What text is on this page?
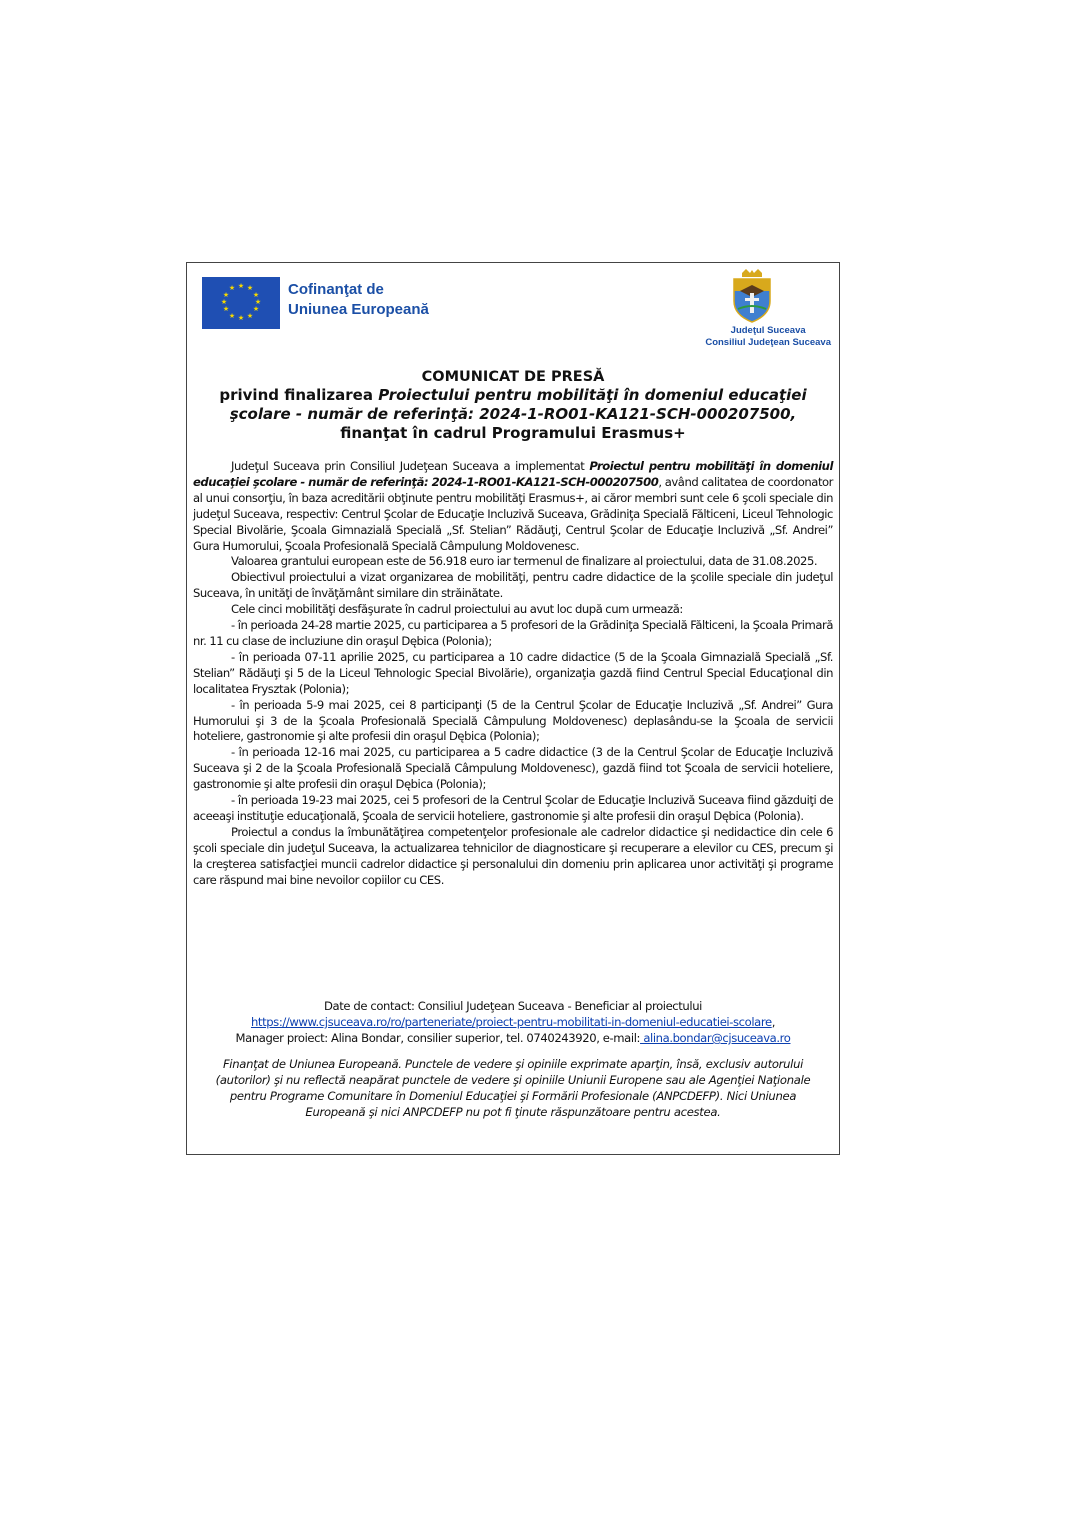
★ ★
★
★
★
★
★
★
★
★
★
★	Cofinanţat de
Uniunea Europeană
Judeţul Suceava
Consiliul Judeţean Suceava
COMUNICAT DE PRESĂ
privind finalizarea Proiectului pentru mobilităţi în domeniul educaţiei
şcolare - număr de referinţă: 2024-1-RO01-KA121-SCH-000207500,
finanţat în cadrul Programului Erasmus+

Judeţul Suceava prin Consiliul Judeţean Suceava a implementat Proiectul pentru mobilităţi în domeniul educaţiei şcolare - număr de referinţă: 2024-1-RO01-KA121-SCH-000207500, având calitatea de coordonator al unui consorţiu, în baza acreditării obţinute pentru mobilităţi Erasmus+, ai căror membri sunt cele 6 şcoli speciale din judeţul Suceava, respectiv: Centrul Şcolar de Educaţie Incluzivă Suceava, Grădiniţa Specială Fălticeni, Liceul Tehnologic Special Bivolărie, Şcoala Gimnazială Specială „Sf. Stelian” Rădăuţi, Centrul Şcolar de Educaţie Incluzivă „Sf. Andrei” Gura Humorului, Şcoala Profesională Specială Câmpulung Moldovenesc.

Valoarea grantului european este de 56.918 euro iar termenul de finalizare al proiectului, data de 31.08.2025.

Obiectivul proiectului a vizat organizarea de mobilităţi, pentru cadre didactice de la şcolile speciale din judeţul Suceava, în unităţi de învăţământ similare din străinătate.

Cele cinci mobilităţi desfăşurate în cadrul proiectului au avut loc după cum urmează:

- în perioada 24-28 martie 2025, cu participarea a 5 profesori de la Grădiniţa Specială Fălticeni, la Şcoala Primară nr. 11 cu clase de incluziune din oraşul Dębica (Polonia);

- în perioada 07-11 aprilie 2025, cu participarea a 10 cadre didactice (5 de la Şcoala Gimnazială Specială „Sf. Stelian” Rădăuţi şi 5 de la Liceul Tehnologic Special Bivolărie), organizaţia gazdă fiind Centrul Special Educaţional din localitatea Frysztak (Polonia);

- în perioada 5-9 mai 2025, cei 8 participanţi (5 de la Centrul Şcolar de Educaţie Incluzivă „Sf. Andrei” Gura Humorului şi 3 de la Şcoala Profesională Specială Câmpulung Moldovenesc) deplasându-se la Şcoala de servicii hoteliere, gastronomie şi alte profesii din oraşul Dębica (Polonia);

- în perioada 12-16 mai 2025, cu participarea a 5 cadre didactice (3 de la Centrul Şcolar de Educaţie Incluzivă Suceava şi 2 de la Şcoala Profesională Specială Câmpulung Moldovenesc), gazdă fiind tot Şcoala de servicii hoteliere, gastronomie şi alte profesii din oraşul Dębica (Polonia);

- în perioada 19-23 mai 2025, cei 5 profesori de la Centrul Şcolar de Educaţie Incluzivă Suceava fiind găzduiţi de aceeaşi instituţie educaţională, Şcoala de servicii hoteliere, gastronomie şi alte profesii din oraşul Dębica (Polonia).

Proiectul a condus la îmbunătăţirea competenţelor profesionale ale cadrelor didactice şi nedidactice din cele 6 şcoli speciale din judeţul Suceava, la actualizarea tehnicilor de diagnosticare şi recuperare a elevilor cu CES, precum şi la creşterea satisfacţiei muncii cadrelor didactice şi personalului din domeniu prin aplicarea unor activităţi şi programe care răspund mai bine nevoilor copiilor cu CES.

Date de contact: Consiliul Judeţean Suceava - Beneficiar al proiectului
https://www.cjsuceava.ro/ro/parteneriate/proiect-pentru-mobilitati-in-domeniul-educatiei-scolare,
Manager proiect: Alina Bondar, consilier superior, tel. 0740243920, e-mail: alina.bondar@cjsuceava.ro
Finanţat de Uniunea Europeană. Punctele de vedere şi opiniile exprimate aparţin, însă, exclusiv autorului (autorilor) şi nu reflectă neapărat punctele de vedere şi opiniile Uniunii Europene sau ale Agenţiei Naţionale pentru Programe Comunitare în Domeniul Educaţiei şi Formării Profesionale (ANPCDEFP). Nici Uniunea Europeană şi nici ANPCDEFP nu pot fi ţinute răspunzătoare pentru acestea.
